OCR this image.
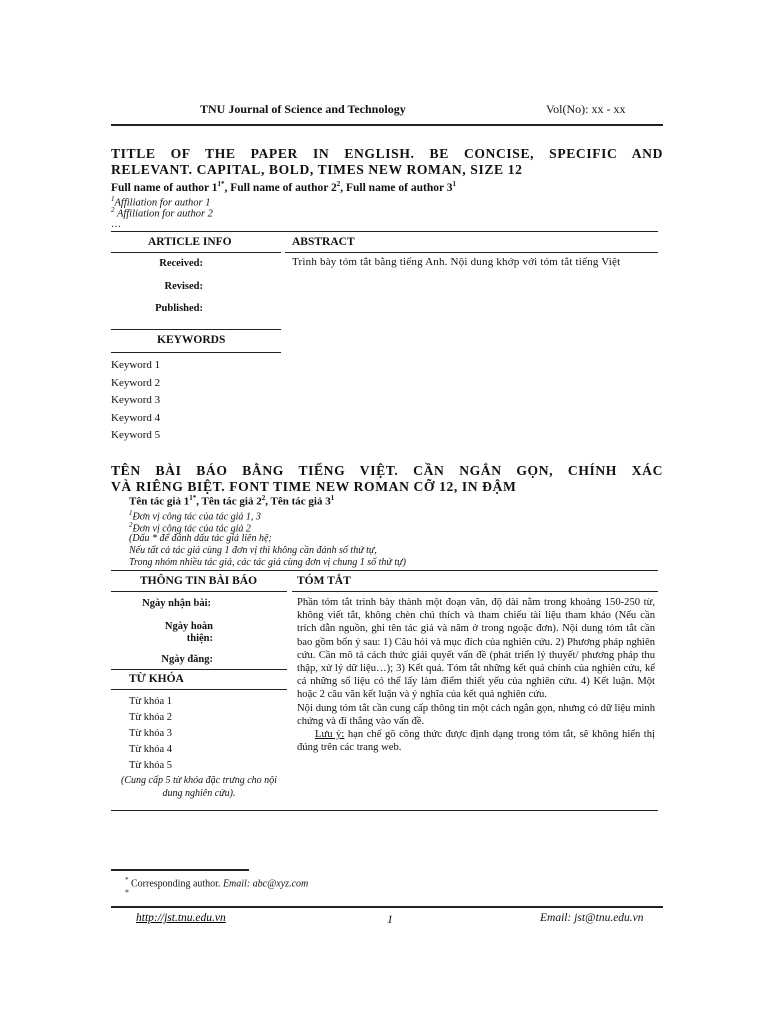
TNU Journal of Science and Technology	Vol(No): xx - xx
TITLE OF THE PAPER IN ENGLISH. BE CONCISE, SPECIFIC AND
RELEVANT. CAPITAL, BOLD, TIMES NEW ROMAN, SIZE 12
Full name of author $1^{1*}$, Full name of author $2^2$, Full name of author $3^1$
$^1$Affiliation for author 1
$^2$ Affiliation for author 2
…
ARTICLE INFO	ABSTRACT
Received:
Revised:
Published:
Trình bày tóm tắt bằng tiếng Anh. Nội dung khớp với tóm tắt tiếng Việt
KEYWORDS
Keyword 1
Keyword 2
Keyword 3
Keyword 4
Keyword 5
TÊN BÀI BÁO BẰNG TIẾNG VIỆT. CẦN NGẮN GỌN, CHÍNH XÁC
VÀ RIÊNG BIỆT. FONT TIME NEW ROMAN CỠ 12, IN ĐẬM
Tên tác giả $1^{1*}$, Tên tác giả $2^2$, Tên tác giả $3^1$
$^1$Đơn vị công tác của tác giả 1, 3
$^2$Đơn vị công tác của tác giả 2
(Dấu * để đánh dấu tác giả liên hệ;
Nếu tất cả tác giả cùng 1 đơn vị thì không cần đánh số thứ tự,
Trong nhóm nhiều tác giả, các tác giả cùng đơn vị chung 1 số thứ tự)
THÔNG TIN BÀI BÁO	TÓM TẮT
Ngày nhận bài:
Ngày hoàn
thiện:
Ngày đăng:
TỪ KHÓA
Từ khóa 1
Từ khóa 2
Từ khóa 3
Từ khóa 4
Từ khóa 5
(Cung cấp 5 từ khóa đặc trưng cho nội dung nghiên cứu).

Phần tóm tắt trình bày thành một đoạn văn, độ dài nằm trong khoảng 150-250 từ, không viết tắt, không chèn chú thích và tham chiếu tài liệu tham khảo (Nếu cần trích dẫn nguồn, ghi tên tác giả và năm ở trong ngoặc đơn). Nội dung tóm tắt cần bao gồm bốn ý sau: 1) Câu hỏi và mục đích của nghiên cứu. 2) Phương pháp nghiên cứu. Cần mô tả cách thức giải quyết vấn đề (phát triển lý thuyết/ phương pháp thu thập, xử lý dữ liệu…); 3) Kết quả. Tóm tắt những kết quả chính của nghiên cứu, kể cả những số liệu có thể lấy làm điểm thiết yếu của nghiên cứu. 4) Kết luận. Một hoặc 2 câu văn kết luận và ý nghĩa của kết quả nghiên cứu.

Nội dung tóm tắt cần cung cấp thông tin một cách ngắn gọn, nhưng có dữ liệu minh chứng và đi thẳng vào vấn đề.

Lưu ý: hạn chế gõ công thức được định dạng trong tóm tắt, sẽ không hiển thị đúng trên các trang web.

* Corresponding author. Email: abc@xyz.com
*
http://jst.tnu.edu.vn	1	Email: jst@tnu.edu.vn
